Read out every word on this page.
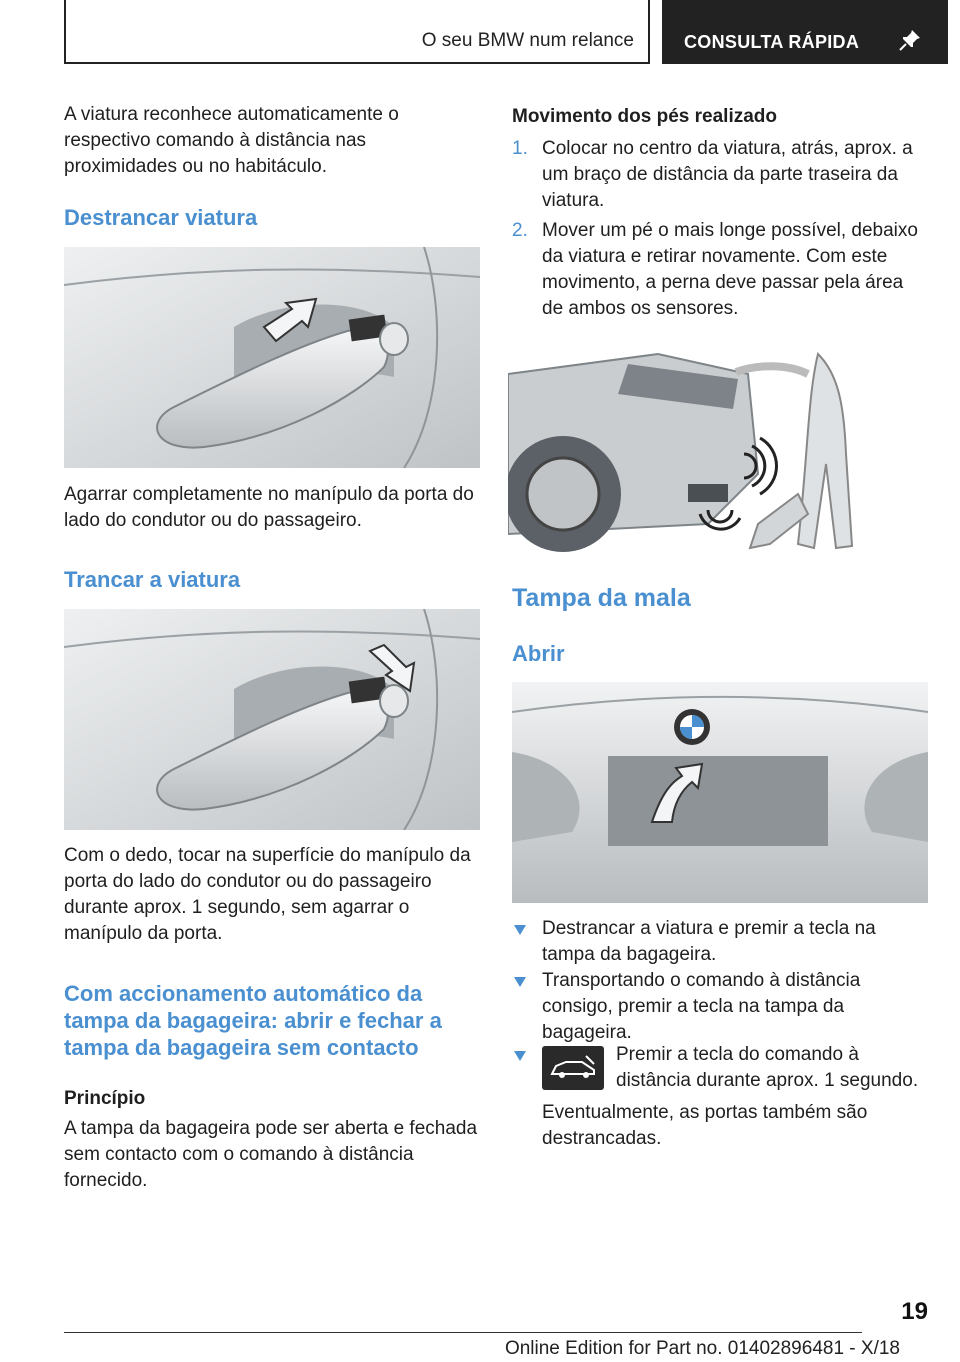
O seu BMW num relance	CONSULTA RÁPIDA

A viatura reconhece automaticamente o respectivo comando à distância nas proximidades ou no habitáculo.

Destrancar viatura

Agarrar completamente no manípulo da porta do lado do condutor ou do passageiro.

Trancar a viatura

Com o dedo, tocar na superfície do manípulo da porta do lado do condutor ou do passageiro durante aprox. 1 segundo, sem agarrar o manípulo da porta.

Com accionamento automático da
tampa da bagageira: abrir e fechar a
tampa da bagageira sem contacto
Princípio

A tampa da bagageira pode ser aberta e fechada sem contacto com o comando à distância fornecido.

Movimento dos pés realizado
1. Colocar no centro da viatura, atrás, aprox. a um braço de distância da parte traseira da viatura.
2. Mover um pé o mais longe possível, debaixo da viatura e retirar novamente. Com este movimento, a perna deve passar pela área de ambos os sensores.
Tampa da mala
Abrir
Destrancar a viatura e premir a tecla na tampa da bagageira.
Transportando o comando à distância consigo, premir a tecla na tampa da bagageira.
Premir a tecla do comando à distância durante aprox. 1 segundo.

Eventualmente, as portas também são destrancadas.

19
Online Edition for Part no. 01402896481 - X/18
